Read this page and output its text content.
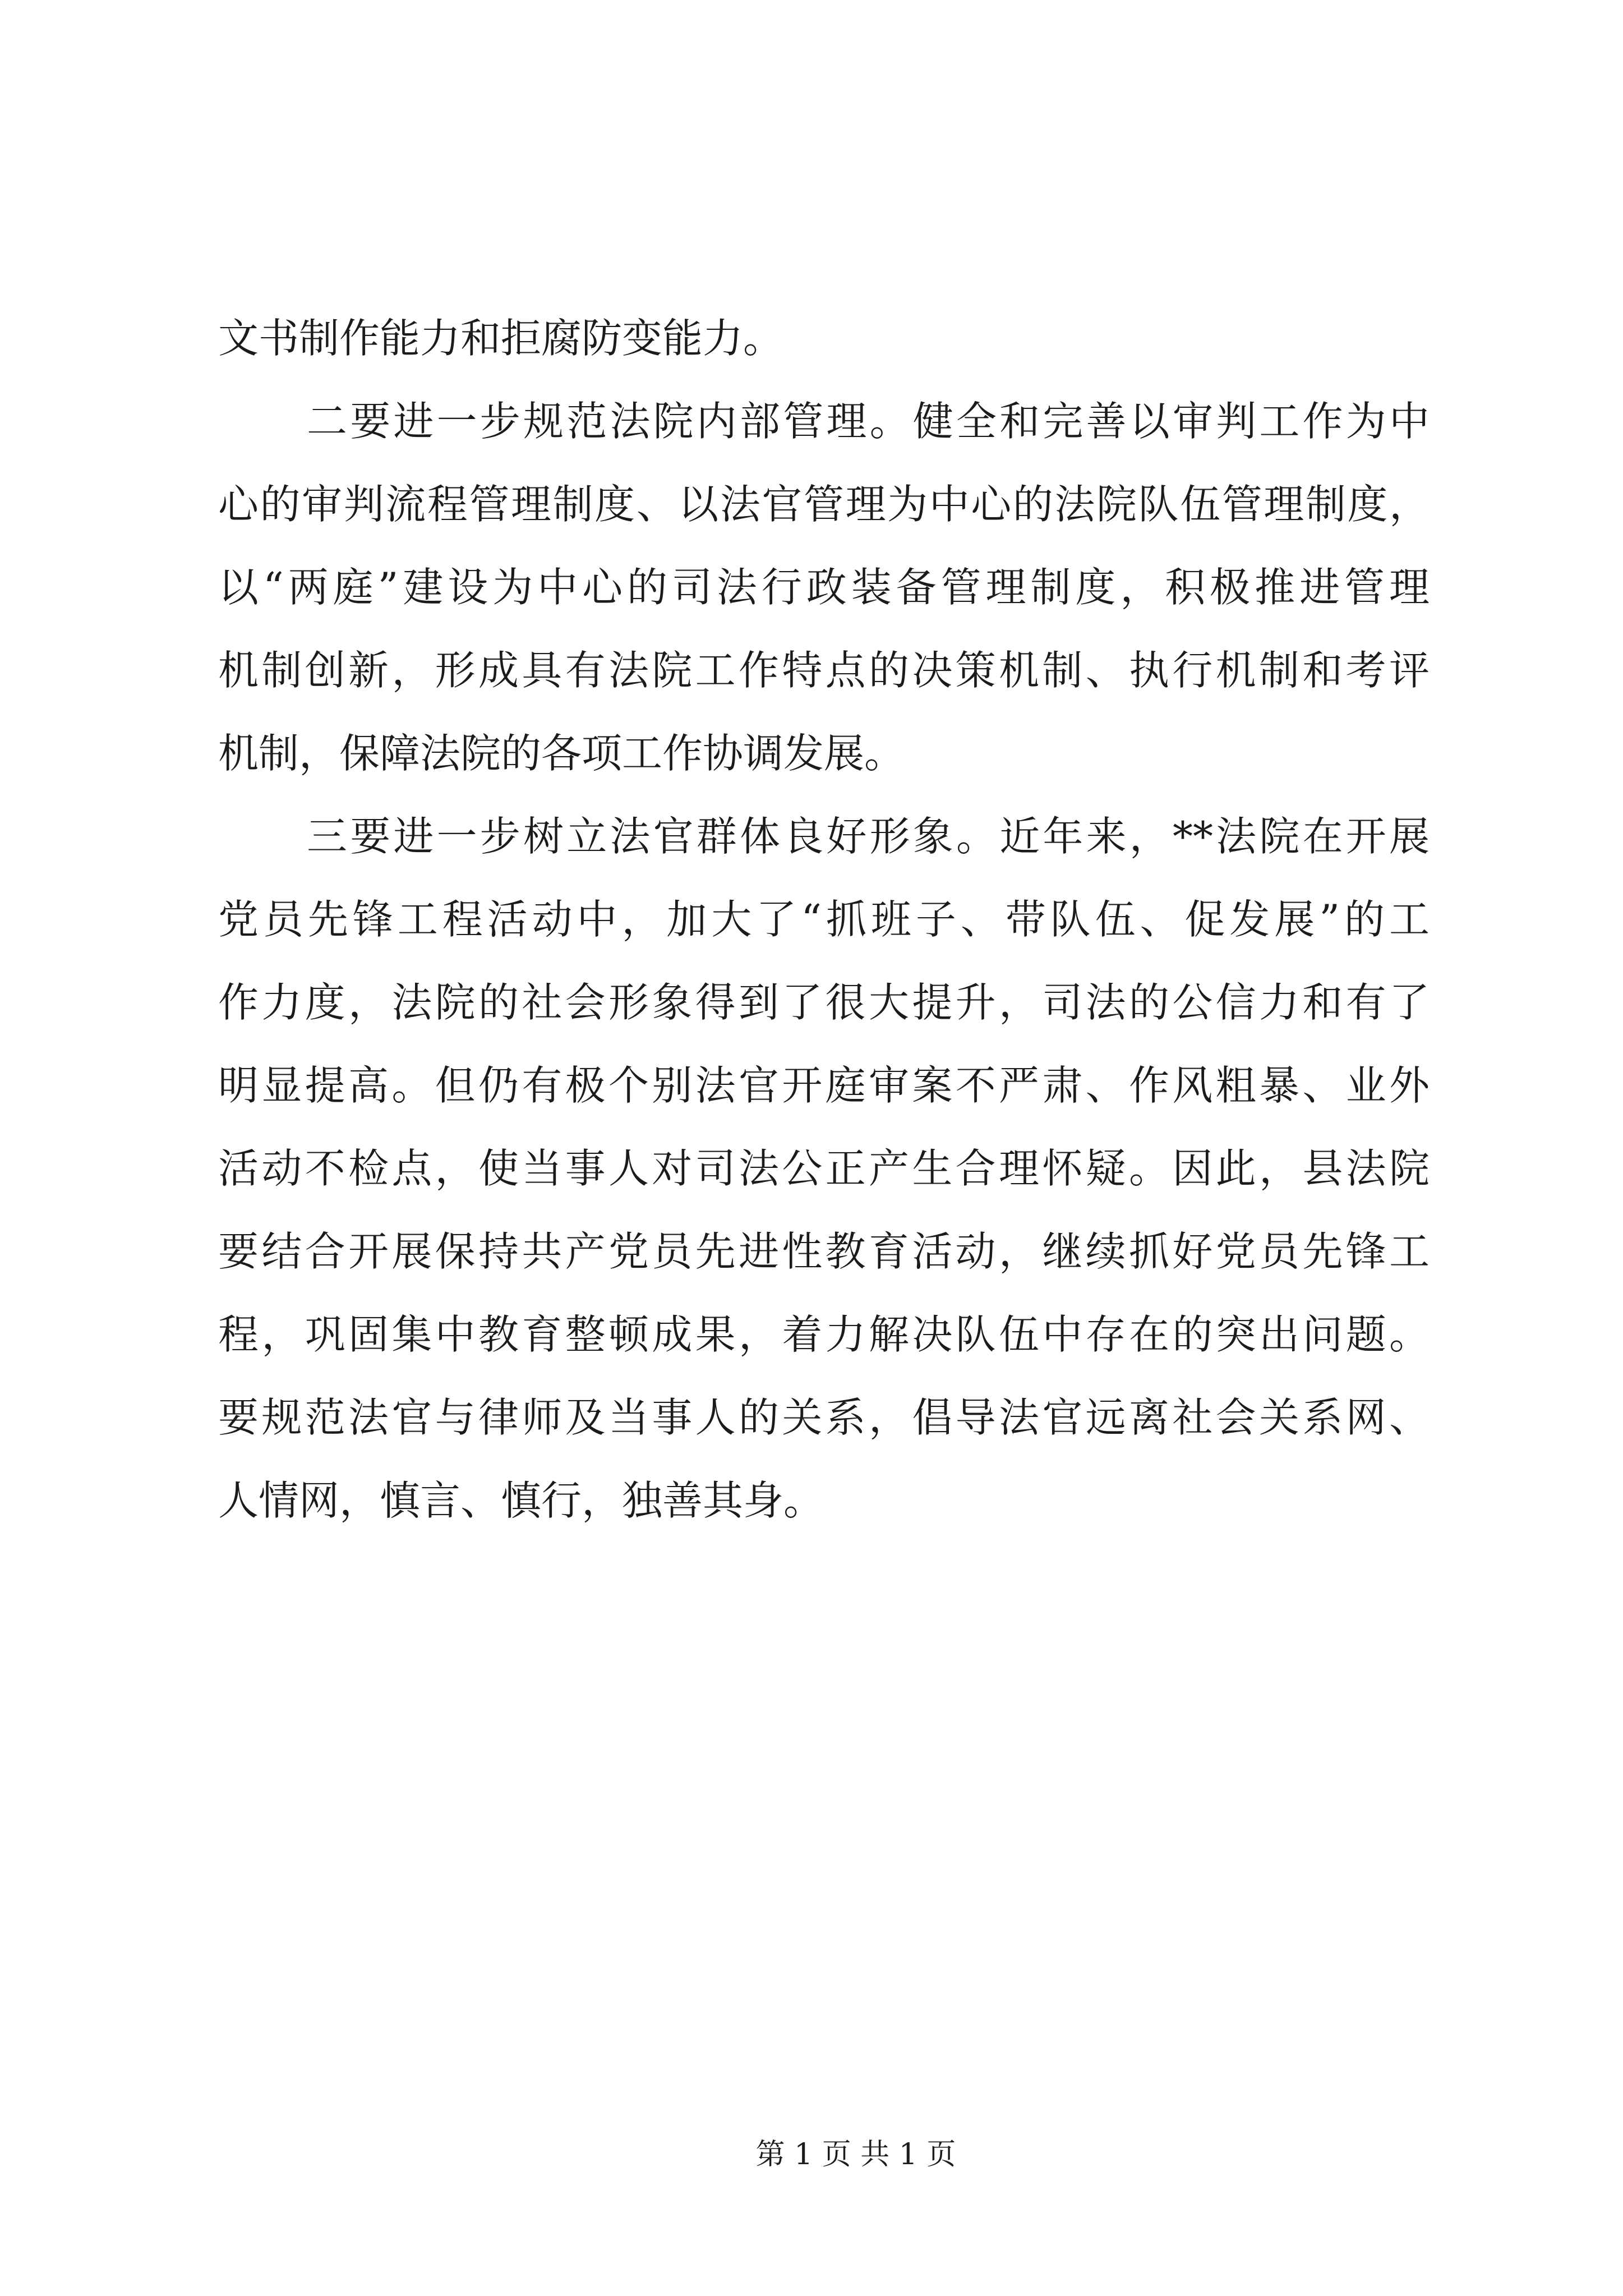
文书制作能力和拒腐防变能力。
二要进一步规范法院内部管理。健全和完善以审判工作为中
心的审判流程管理制度、以法官管理为中心的法院队伍管理制度，
以“两庭”建设为中心的司法行政装备管理制度，积极推进管理
机制创新，形成具有法院工作特点的决策机制、执行机制和考评
机制，保障法院的各项工作协调发展。
三要进一步树立法官群体良好形象。近年来，**法院在开展
党员先锋工程活动中，加大了“抓班子、带队伍、促发展”的工
作力度，法院的社会形象得到了很大提升，司法的公信力和有了
明显提高。但仍有极个别法官开庭审案不严肃、作风粗暴、业外
活动不检点，使当事人对司法公正产生合理怀疑。因此，县法院
要结合开展保持共产党员先进性教育活动，继续抓好党员先锋工
程，巩固集中教育整顿成果，着力解决队伍中存在的突出问题。
要规范法官与律师及当事人的关系，倡导法官远离社会关系网、
人情网，慎言、慎行，独善其身。
第 1 页 共 1 页
